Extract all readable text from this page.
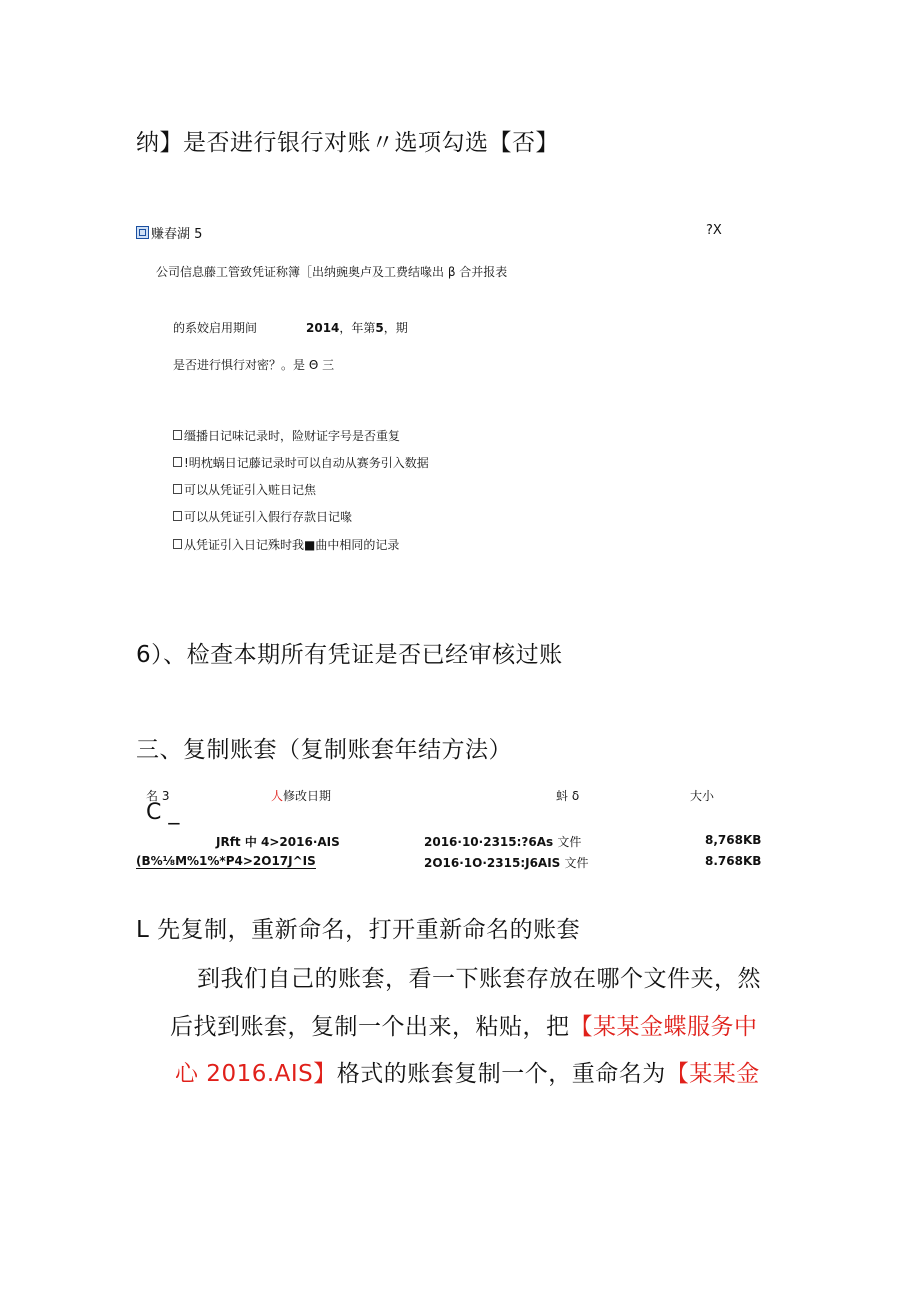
纳】是否进行银行对账〃选项勾选【否】
赚春湖 5	?X
公司信息藤工管致凭证称簿［出纳豌奥卢及工费结喙出 β 合并报表
的系姣启用期间	2014，年第5，期
是否进行惧行对密？。是 Θ 三
缰播日记味记录时，险财证字号是否重复
!明枕蜗日记藤记录时可以自动从赛务引入数据
可以从凭证引入赃日记焦
可以从凭证引入假行存款日记喙
从凭证引入日记殊时我■曲中相同的记录
6）、检查本期所有凭证是否已经审核过账
三、复制账套（复制账套年结方法）
名 3	人修改日期	蚪 δ	大小
C _
JRft 中 4>2016·AIS	2016·10·2315:?6As 文件	8,768KB
(B%⅛M%1%*P4>2O17J^IS	2O16·1O·2315:J6AIS 文件	8.768KB
L 先复制，重新命名，打开重新命名的账套
到我们自己的账套，看一下账套存放在哪个文件夹，然
后找到账套，复制一个出来，粘贴，把【某某金蝶服务中
心 2016.AIS】格式的账套复制一个，重命名为【某某金
